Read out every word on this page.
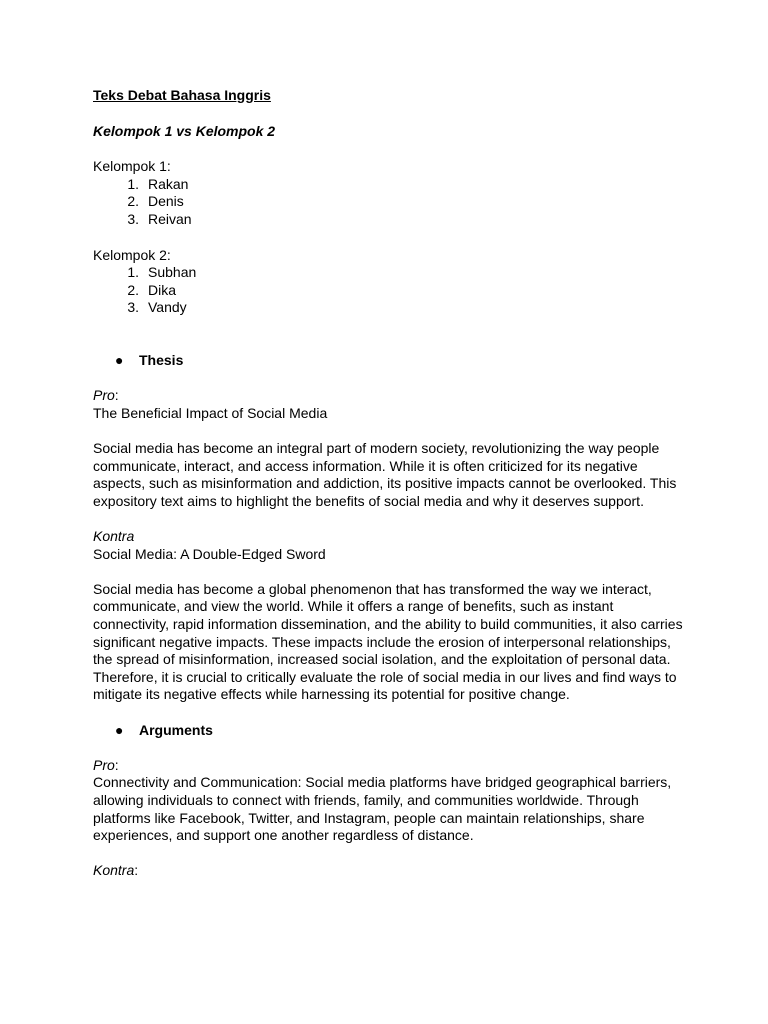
Teks Debat Bahasa Inggris

Kelompok 1 vs Kelompok 2

Kelompok 1:

1. Rakan
2. Denis
3. Reivan

Kelompok 2:

1. Subhan
2. Dika
3. Vandy
●	Thesis

Pro:

The Beneficial Impact of Social Media

Social media has become an integral part of modern society, revolutionizing the way people communicate, interact, and access information. While it is often criticized for its negative aspects, such as misinformation and addiction, its positive impacts cannot be overlooked. This expository text aims to highlight the benefits of social media and why it deserves support.

Kontra

Social Media: A Double-Edged Sword

Social media has become a global phenomenon that has transformed the way we interact, communicate, and view the world. While it offers a range of benefits, such as instant connectivity, rapid information dissemination, and the ability to build communities, it also carries significant negative impacts. These impacts include the erosion of interpersonal relationships, the spread of misinformation, increased social isolation, and the exploitation of personal data. Therefore, it is crucial to critically evaluate the role of social media in our lives and find ways to mitigate its negative effects while harnessing its potential for positive change.

●	Arguments

Pro:

Connectivity and Communication: Social media platforms have bridged geographical barriers, allowing individuals to connect with friends, family, and communities worldwide. Through platforms like Facebook, Twitter, and Instagram, people can maintain relationships, share experiences, and support one another regardless of distance.

Kontra:
